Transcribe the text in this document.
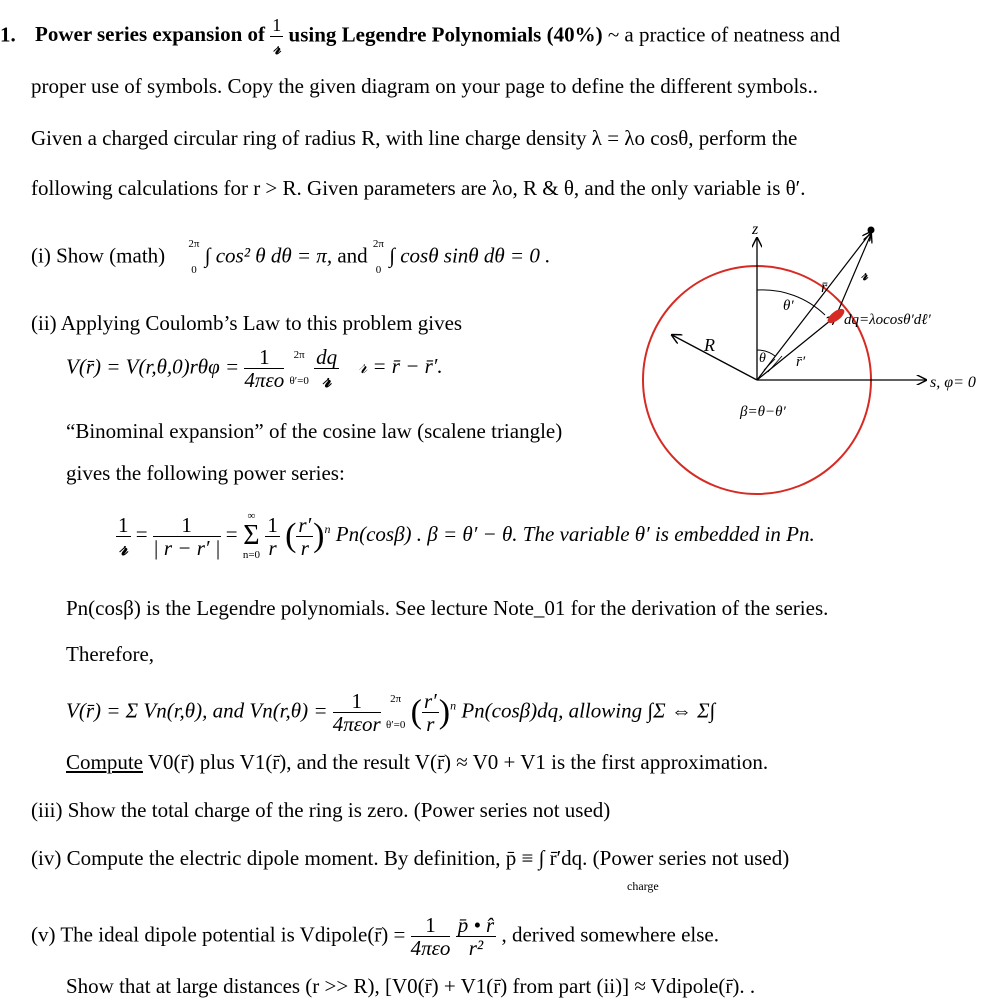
1. Power series expansion of $\frac{1}{\text{𝓇}}$ using Legendre Polynomials (40%) ~ a practice of neatness and
proper use of symbols. Copy the given diagram on your page to define the different symbols..
Given a charged circular ring of radius R, with line charge density λ = λo cosθ, perform the
following calculations for r > R. Given parameters are λo, R & θ, and the only variable is θ′.
(i) Show (math) 2π

0 ∫ cos² θ dθ = π, and 2π

0 ∫ cosθ sinθ dθ = 0 .
(ii) Applying Coulomb’s Law to this problem gives
V(r̄) = $V(r,\theta,0)r\theta\varphi = \frac{1}{\text{4πεo}} 2\pi$

$\theta'=0 \frac{dq}{\text{𝓇}}$ 𝓇 = r̄ − r̄′.
“Binominal expansion” of the cosine law (scalene triangle)
gives the following power series:
$\frac{1}{\text{𝓇}} = \frac{1}{| r - r' |}$ = ∞
Σ
$n=0 \frac{1}{r}$ ( $\frac{r'}{r} )^n$ Pn(cosβ) . β = θ′ − θ. The variable θ′ is embedded in Pn.
Pn(cosβ) is the Legendre polynomials. See lecture Note_01 for the derivation of the series.
Therefore,
V(r̄) = Σ Vn(r,θ), and $Vn(r,\theta) = \frac{1}{\text{4πεor}} 2\pi$

θ′=0 ( $\frac{r'}{r} )^n$ Pn(cosβ)dq, allowing ∫Σ ⇔ Σ∫
Compute V0(r̄) plus V1(r̄), and the result V(r̄) ≈ V0 + V1 is the first approximation.
(iii) Show the total charge of the ring is zero. (Power series not used)
(iv) Compute the electric dipole moment. By definition, p̄ ≡ ∫ r̄′dq. (Power series not used)
charge
(v) The ideal dipole potential is Vdipole(r̄) = $\frac{1}{\text{4πεo}}$
$\frac{p̄ • r̂}{\text{r²}}$ , derived somewhere else.
Show that at large distances (r >> R), [V0(r̄) + V1(r̄) from part (ii)] ≈ Vdipole(r̄). .
z
s, φ= 0
R
r̄
r̄′
𝓇
θ
θ′
dq=λocosθ′dℓ′
β=θ−θ′
